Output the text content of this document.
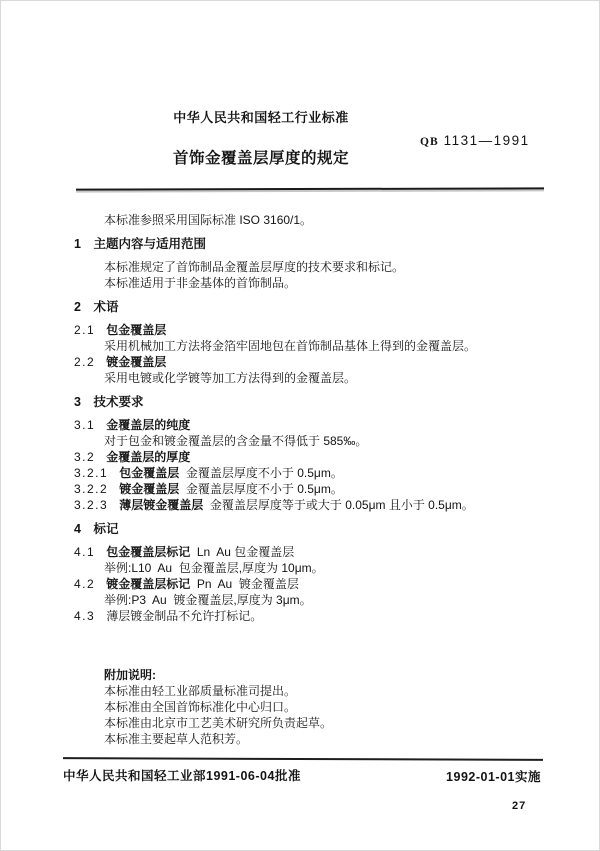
中华人民共和国轻工行业标准
QB 1131—1991
首饰金覆盖层厚度的规定
本标准参照采用国际标准 ISO 3160/1。
1 主题内容与适用范围
本标准规定了首饰制品金覆盖层厚度的技术要求和标记。
本标准适用于非金基体的首饰制品。
2 术语
2.1 包金覆盖层
采用机械加工方法将金箔牢固地包在首饰制品基体上得到的金覆盖层。
2.2 镀金覆盖层
采用电镀或化学镀等加工方法得到的金覆盖层。
3 技术要求
3.1 金覆盖层的纯度
对于包金和镀金覆盖层的含金量不得低于 585‰。
3.2 金覆盖层的厚度
3.2.1 包金覆盖层  金覆盖层厚度不小于 0.5μm。
3.2.2 镀金覆盖层  金覆盖层厚度不小于 0.5μm。
3.2.3 薄层镀金覆盖层  金覆盖层厚度等于或大于 0.05μm 且小于 0.5μm。
4 标记
4.1 包金覆盖层标记  Ln  Au 包金覆盖层
举例:L10  Au  包金覆盖层,厚度为 10μm。
4.2 镀金覆盖层标记  Pn  Au  镀金覆盖层
举例:P3  Au  镀金覆盖层,厚度为 3μm。
4.3 薄层镀金制品不允许打标记。
附加说明:
本标准由轻工业部质量标准司提出。
本标准由全国首饰标准化中心归口。
本标准由北京市工艺美术研究所负责起草。
本标准主要起草人范积芳。
中华人民共和国轻工业部1991-06-04批准	1992-01-01实施
27
